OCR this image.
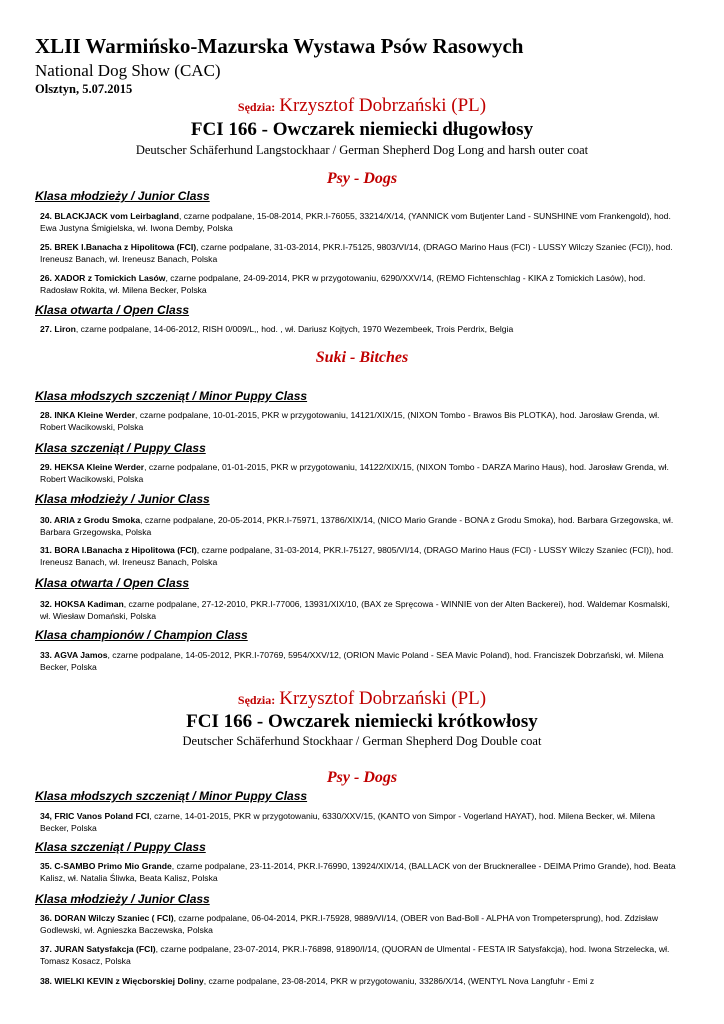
XLII Warmińsko-Mazurska Wystawa Psów Rasowych
National Dog Show (CAC)
Olsztyn, 5.07.2015
Sędzia: Krzysztof Dobrzański (PL)
FCI 166 - Owczarek niemiecki długowłosy
Deutscher Schäferhund Langstockhaar / German Shepherd Dog Long and harsh outer coat
Psy - Dogs
Klasa młodzieży / Junior Class
24. BLACKJACK vom Leirbagland, czarne podpalane, 15-08-2014, PKR.I-76055, 33214/X/14, (YANNICK vom Butjenter Land - SUNSHINE vom Frankengold), hod. Ewa Justyna Śmigielska, wł. Iwona Demby, Polska
25. BREK I.Banacha z Hipolitowa (FCI), czarne podpalane, 31-03-2014, PKR.I-75125, 9803/VI/14, (DRAGO Marino Haus (FCI) - LUSSY Wilczy Szaniec (FCI)), hod. Ireneusz Banach, wł. Ireneusz Banach, Polska
26. XADOR z Tomickich Lasów, czarne podpalane, 24-09-2014, PKR w przygotowaniu, 6290/XXV/14, (REMO Fichtenschlag - KIKA z Tomickich Lasów), hod. Radosław Rokita, wł. Milena Becker, Polska
Klasa otwarta / Open Class
27. Liron, czarne podpalane, 14-06-2012, RISH 0/009/L,, hod. , wł. Dariusz Kojtych, 1970 Wezembeek, Trois Perdrix, Belgia
Suki - Bitches
Klasa młodszych szczeniąt / Minor Puppy Class
28. INKA Kleine Werder, czarne podpalane, 10-01-2015, PKR w przygotowaniu, 14121/XIX/15, (NIXON Tombo - Brawos Bis PLOTKA), hod. Jarosław Grenda, wł. Robert Wacikowski, Polska
Klasa szczeniąt / Puppy Class
29. HEKSA Kleine Werder, czarne podpalane, 01-01-2015, PKR w przygotowaniu, 14122/XIX/15, (NIXON Tombo - DARZA Marino Haus), hod. Jarosław Grenda, wł. Robert Wacikowski, Polska
Klasa młodzieży / Junior Class
30. ARIA z Grodu Smoka, czarne podpalane, 20-05-2014, PKR.I-75971, 13786/XIX/14, (NICO Mario Grande - BONA z Grodu Smoka), hod. Barbara Grzegowska, wł. Barbara Grzegowska, Polska
31. BORA I.Banacha z Hipolitowa (FCI), czarne podpalane, 31-03-2014, PKR.I-75127, 9805/VI/14, (DRAGO Marino Haus (FCI) - LUSSY Wilczy Szaniec (FCI)), hod. Ireneusz Banach, wł. Ireneusz Banach, Polska
Klasa otwarta / Open Class
32. HOKSA Kadiman, czarne podpalane, 27-12-2010, PKR.I-77006, 13931/XIX/10, (BAX ze Spręcowa - WINNIE von der Alten Backerei), hod. Waldemar Kosmalski, wł. Wiesław Domański, Polska
Klasa championów / Champion Class
33. AGVA Jamos, czarne podpalane, 14-05-2012, PKR.I-70769, 5954/XXV/12, (ORION Mavic Poland - SEA Mavic Poland), hod. Franciszek Dobrzański, wł. Milena Becker, Polska
Sędzia: Krzysztof Dobrzański (PL)
FCI 166 - Owczarek niemiecki krótkowłosy
Deutscher Schäferhund Stockhaar / German Shepherd Dog Double coat
Psy - Dogs
Klasa młodszych szczeniąt / Minor Puppy Class
34, FRIC Vanos Poland FCI, czarne, 14-01-2015, PKR w przygotowaniu, 6330/XXV/15, (KANTO von Simpor - Vogerland HAYAT), hod. Milena Becker, wł. Milena Becker, Polska
Klasa szczeniąt / Puppy Class
35. C-SAMBO Primo Mio Grande, czarne podpalane, 23-11-2014, PKR.I-76990, 13924/XIX/14, (BALLACK von der Brucknerallee - DEIMA Primo Grande), hod. Beata Kalisz, wł. Natalia Śliwka, Beata Kalisz, Polska
Klasa młodzieży / Junior Class
36. DORAN Wilczy Szaniec ( FCI), czarne podpalane, 06-04-2014, PKR.I-75928, 9889/VI/14, (OBER von Bad-Boll - ALPHA von Trompetersprung), hod. Zdzisław Godlewski, wł. Agnieszka Baczewska, Polska
37. JURAN Satysfakcja (FCI), czarne podpalane, 23-07-2014, PKR.I-76898, 91890/I/14, (QUORAN de Ulmental - FESTA IR Satysfakcja), hod. Iwona Strzelecka, wł. Tomasz Kosacz, Polska
38. WIELKI KEVIN z Więcborskiej Doliny, czarne podpalane, 23-08-2014, PKR w przygotowaniu, 33286/X/14, (WENTYL Nova Langfuhr - Emi z
